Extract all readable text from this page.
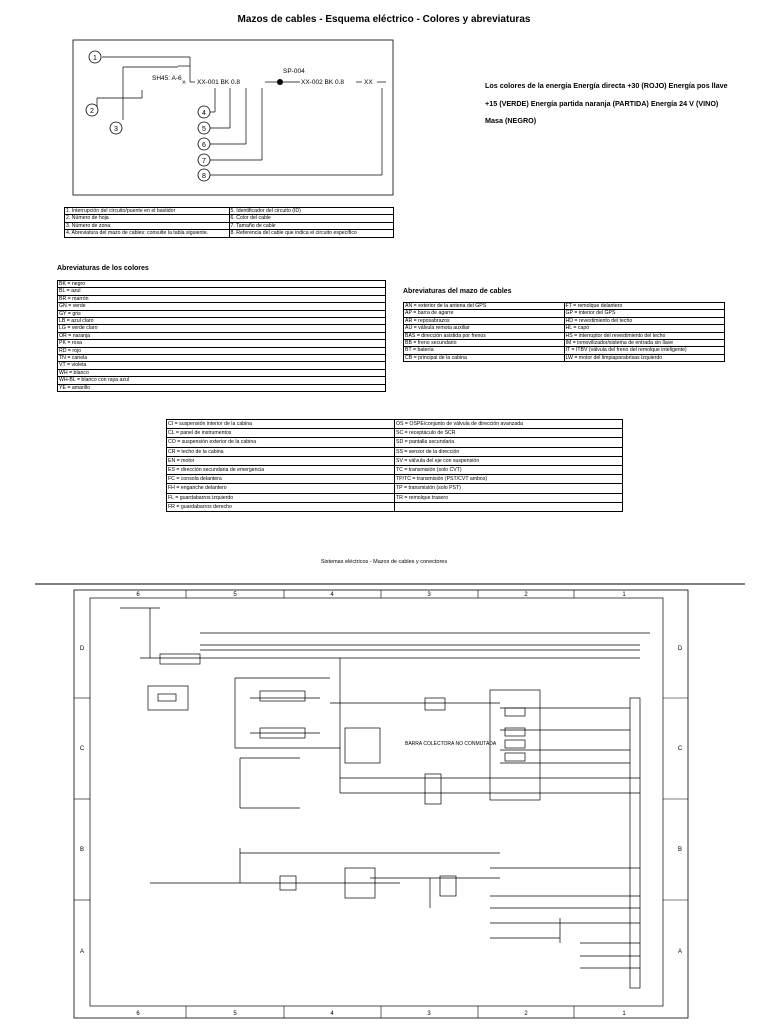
Mazos de cables - Esquema eléctrico - Colores y abreviaturas
1
2
3
4
5
6
7
8
SH45: A-6
» XX-001 BK 0.8
SP-004
XX-002 BK 0.8	XX	Los colores de la energía Energía directa +30 (ROJO) Energía pos llave +15 (VERDE) Energía partida naranja (PARTIDA) Energía 24 V (VINO)
Masa (NEGRO)
1. Interrupción del circuito/puente en el bastidor	5. Identificador del circuito (ID)
2. Número de hoja	6. Color del cable
3. Número de zona	7. Tamaño de cable
4. Abreviatura del mazo de cables: consulte la tabla siguiente.	8. Referencia del cable que indica el circuito específico
Abreviaturas de los colores
BK = negro
BL = azul
BR = marrón
GN = verde
GY = gris
LB = azul claro
LG = verde claro
OR = naranja
PK = rosa
RD = rojo
TN = canela
VT = violeta
WH = blanco
WH-BL = blanco con raya azul
YE = amarillo
Abreviaturas del mazo de cables
AN = exterior de la antena del GPS	FT = remolque delantero
AP = barra de agarre	GP = interior del GPS
AR = reposabrazos	HD = revestimiento del techo
AU = válvula remota auxiliar	HL = capó
BAS = dirección asistida por frenos	HS = interruptor del revestimiento del techo
BB = freno secundario	IM = inmovilizador/sistema de entrada sin llave
BT = batería	IT = ITBV (válvula del freno del remolque inteligente)
CB = principal de la cabina	LW = motor del limpiaparabrisas izquierdo
CI = suspensión interior de la cabina	OS = OSPE/conjunto de válvula de dirección avanzada
CL = panel de instrumentos	SC = receptáculo de SCR
CO = suspensión exterior de la cabina	SD = pantalla secundaria
CR = techo de la cabina	SS = sensor de la dirección
EN = motor	SV = válvula del eje con suspensión
ES = dirección secundaria de emergencia	TC = transmisión (solo CVT)
FC = consola delantera	TP/TC = transmisión (PST/CVT ambos)
FH = enganche delantero	TP = transmisión (solo PST)
FL = guardabarros izquierdo	TR = remolque trasero
FR = guardabarros derecho	
Sistemas eléctricos - Mazos de cables y conectores
6	5	4	3	2	1
6	5	4	3	2	1
D
C
B
A
D
C
B
A
BARRA COLECTORA NO CONMUTADA
